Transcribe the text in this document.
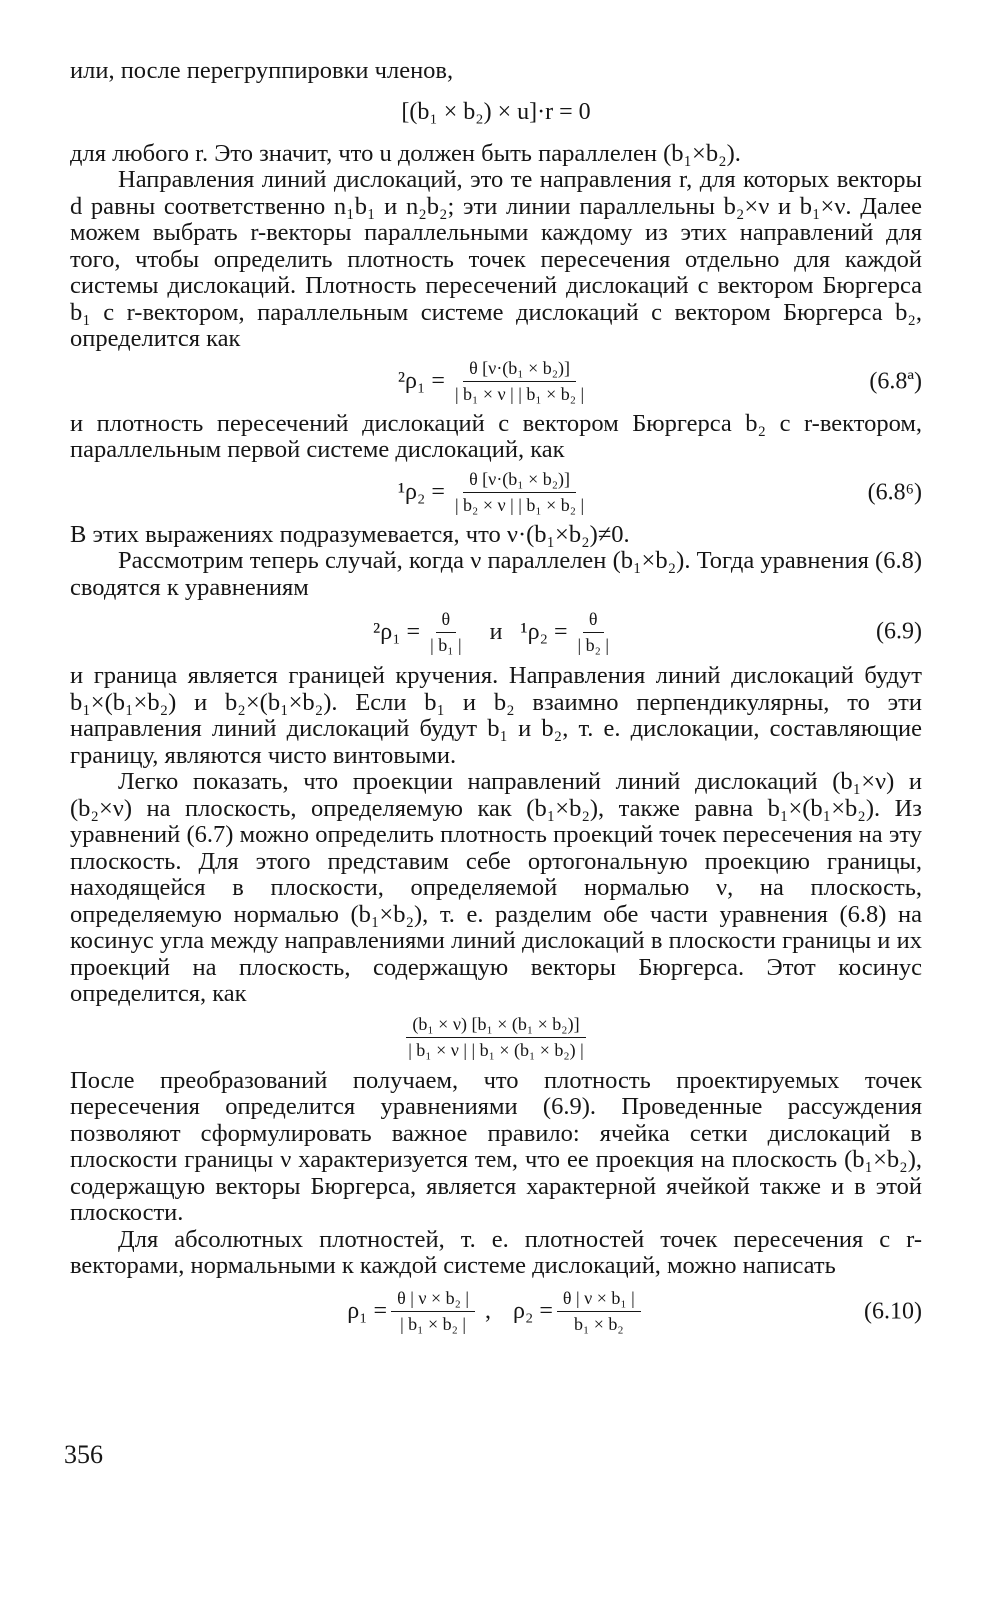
или, после перегруппировки членов,

[(b₁ × b₂) × u]·r = 0

для любого r. Это значит, что u должен быть параллелен (b₁×b₂).

Направления линий дислокаций, это те направления r, для которых векторы d равны соответственно n₁b₁ и n₂b₂; эти линии параллельны b₂×ν и b₁×ν. Далее можем выбрать r-векторы параллельными каждому из этих направлений для того, чтобы определить плотность точек пересечения отдельно для каждой системы дислокаций. Плотность пересечений дислокаций с вектором Бюргерса b₁ с r-вектором, параллельным системе дислокаций с вектором Бюргерса b₂, определится как

$^2\rho_1 = \frac{\text{θ [ν·(b₁ × b₂)]}}{\text{| b₁ × ν | | b₁ × b₂ |}}$	(6.8ª)

и плотность пересечений дислокаций с вектором Бюргерса b₂ с r-вектором, параллельным первой системе дислокаций, как

$^1\rho_2 = \frac{\text{θ [ν·(b₁ × b₂)]}}{\text{| b₂ × ν | | b₁ × b₂ |}}$	(6.8⁶)

В этих выражениях подразумевается, что ν·(b₁×b₂)≠0.

Рассмотрим теперь случай, когда ν параллелен (b₁×b₂). Тогда уравнения (6.8) сводятся к уравнениям

$^2\rho_1 = \frac{\theta}{\text{| b₁ |}}$ и $^1\rho_2 = \frac{\theta}{\text{| b₂ |}}$	(6.9)

и граница является границей кручения. Направления линий дислокаций будут b₁×(b₁×b₂) и b₂×(b₁×b₂). Если b₁ и b₂ взаимно перпендикулярны, то эти направления линий дислокаций будут b₁ и b₂, т. е. дислокации, составляющие границу, являются чисто винтовыми.

Легко показать, что проекции направлений линий дислокаций (b₁×ν) и (b₂×ν) на плоскость, определяемую как (b₁×b₂), также равна b₁×(b₁×b₂). Из уравнений (6.7) можно определить плотность проекций точек пересечения на эту плоскость. Для этого представим себе ортогональную проекцию границы, находящейся в плоскости, определяемой нормалью ν, на плоскость, определяемую нормалью (b₁×b₂), т. е. разделим обе части уравнения (6.8) на косинус угла между направлениями линий дислокаций в плоскости границы и их проекций на плоскость, содержащую векторы Бюргерса. Этот косинус определится, как

$\frac{\text{(b₁ × ν) [b₁ × (b₁ × b₂)]}}{\text{| b₁ × ν | | b₁ × (b₁ × b₂) |}}$

После преобразований получаем, что плотность проектируемых точек пересечения определится уравнениями (6.9). Проведенные рассуждения позволяют сформулировать важное правило: ячейка сетки дислокаций в плоскости границы ν характеризуется тем, что ее проекция на плоскость (b₁×b₂), содержащую векторы Бюргерса, является характерной ячейкой также и в этой плоскости.

Для абсолютных плотностей, т. е. плотностей точек пересечения с r-векторами, нормальными к каждой системе дислокаций, можно написать

$\rho_1 = \frac{\text{θ | ν × b₂ |}}{\text{| b₁ × b₂ |}}$ , $\rho_2 = \frac{\text{θ | ν × b₁ |}}{\text{b₁ × b₂}}$	(6.10)
356
